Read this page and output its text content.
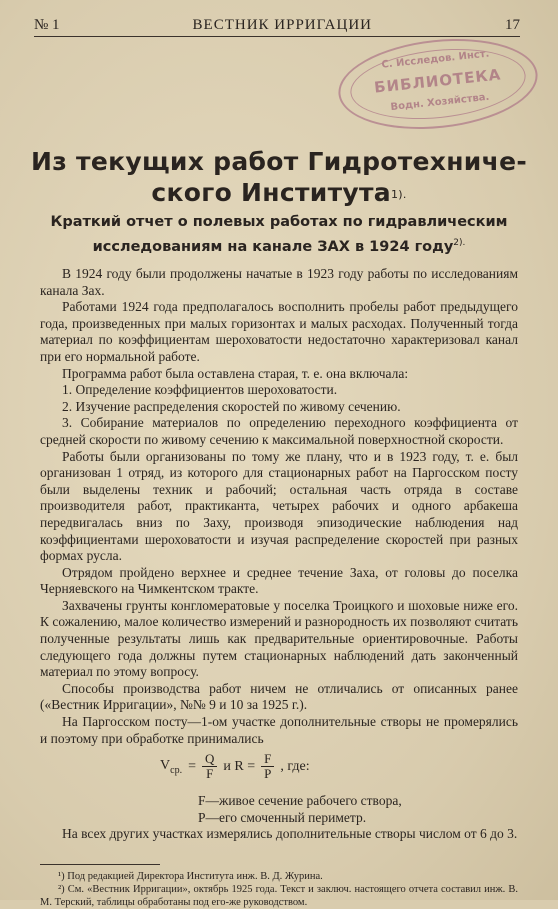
№ 1	ВЕСТНИК ИРРИГАЦИИ	17
С. Исследов. Инст.
БИБЛИОТЕКА
Водн. Хозяйства.
Из текущих работ Гидротехниче-
ского Института$^{1).}$
Краткий отчет о полевых работах по гидравлическим
исследованиям на канале ЗАХ в 1924 году$^{2).}$

В 1924 году были продолжены начатые в 1923 году работы по исследованиям канала Зах.

Работами 1924 года предполагалось восполнить пробелы работ предыдущего года, произведенных при малых горизонтах и малых расходах. Полученный тогда материал по коэффициентам шероховатости недостаточно характеризовал канал при его нормальной работе.

Программа работ была оставлена старая, т. е. она включала:

1. Определение коэффициентов шероховатости.

2. Изучение распределения скоростей по живому сечению.

3. Собирание материалов по определению переходного коэффициента от средней скорости по живому сечению к максимальной поверхностной скорости.

Работы были организованы по тому же плану, что и в 1923 году, т. е. был организован 1 отряд, из которого для стационарных работ на Паргосском посту были выделены техник и рабочий; остальная часть отряда в составе производителя работ, практиканта, четырех рабочих и одного арбакеша передвигалась вниз по Заху, производя эпизодические наблюдения над коэффициентами шероховатости и изучая распределение скоростей при разных формах русла.

Отрядом пройдено верхнее и среднее течение Заха, от головы до поселка Черняевского на Чимкентском тракте.

Захвачены грунты конгломератовые у поселка Троицкого и шоховые ниже его. К сожалению, малое количество измерений и разнородность их позволяют считать полученные результаты лишь как предварительные ориентировочные. Работы следующего года должны путем стационарных наблюдений дать законченный материал по этому вопросу.

Способы производства работ ничем не отличались от описанных ранее («Вестник Ирригации», №№ 9 и 10 за 1925 г.).

На Паргосском посту—1-ом участке дополнительные створы не промерялись и поэтому при обработке принимались

$V_{ср.} = \frac{Q}{F}$ и $R = \frac{F}{P}$ , где:
F—живое сечение рабочего створа,
P—его смоченный периметр.
На всех других участках измерялись дополнительные створы числом от 6 до 3.

¹) Под редакцией Директора Института инж. В. Д. Журина.

²) См. «Вестник Ирригации», октябрь 1925 года. Текст и заключ. настоящего отчета составил инж. В. М. Терский, таблицы обработаны под его-же руководством.
